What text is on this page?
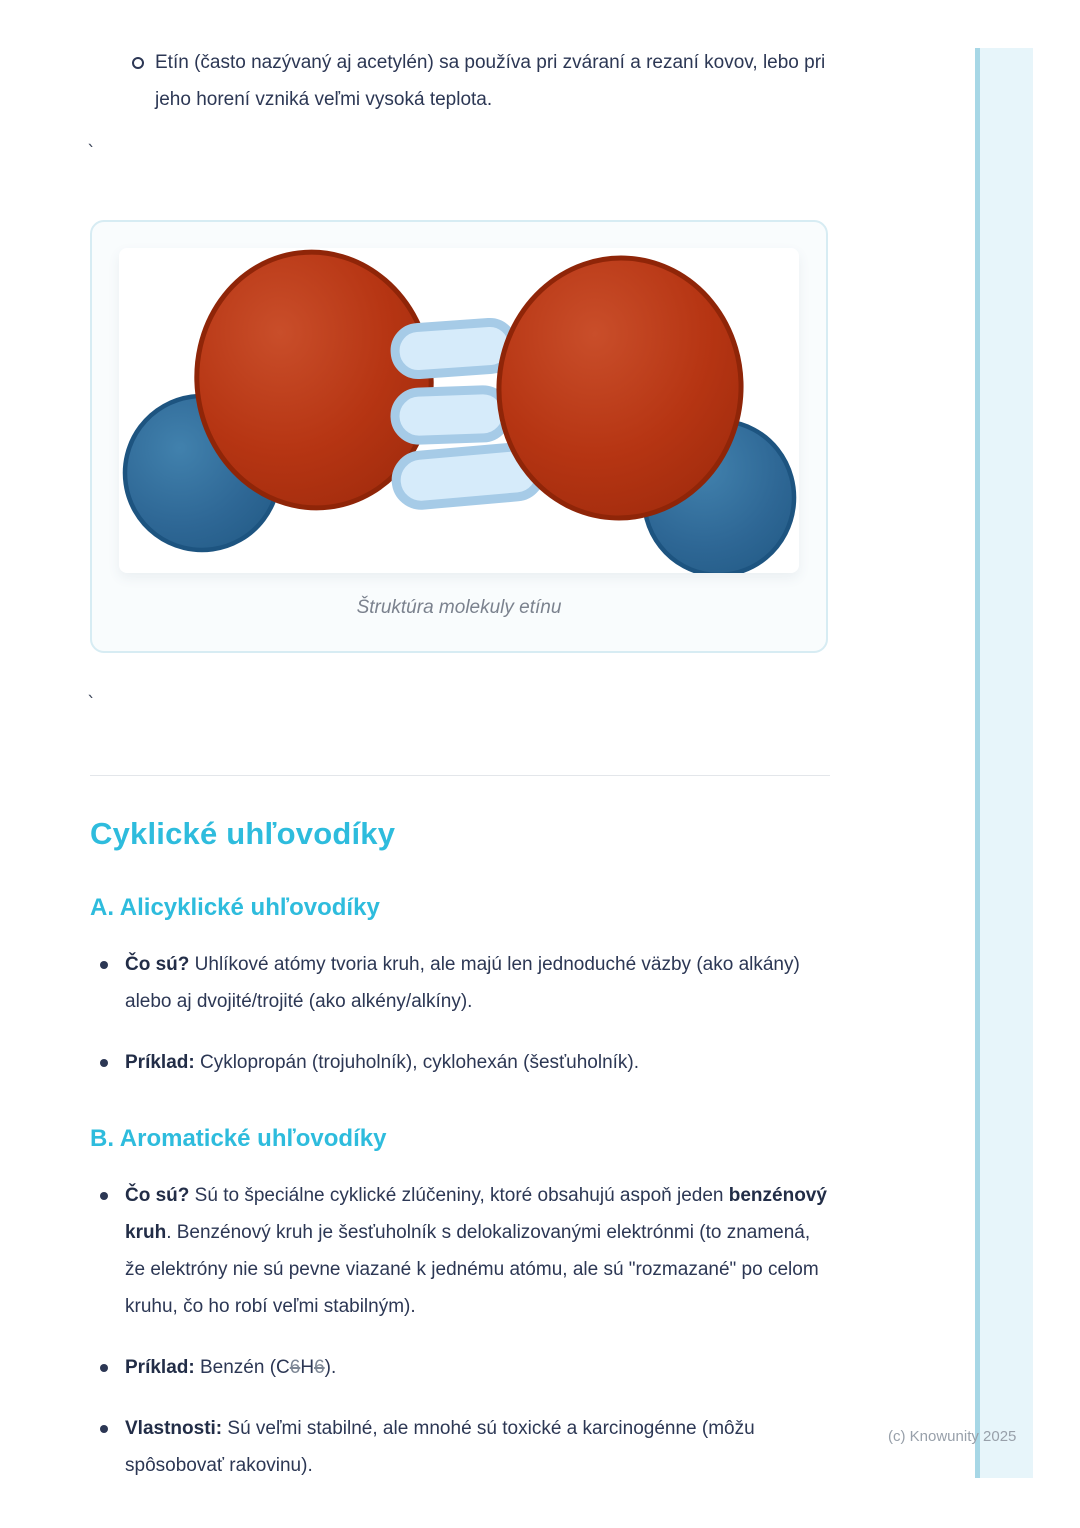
Etín (často nazývaný aj acetylén) sa používa pri zváraní a rezaní kovov, lebo pri jeho horení vzniká veľmi vysoká teplota.
`
Štruktúra molekuly etínu
`
Cyklické uhľovodíky
A. Alicyklické uhľovodíky
Čo sú? Uhlíkové atómy tvoria kruh, ale majú len jednoduché väzby (ako alkány) alebo aj dvojité/trojité (ako alkény/alkíny).
Príklad: Cyklopropán (trojuholník), cyklohexán (šesťuholník).
B. Aromatické uhľovodíky
Čo sú? Sú to špeciálne cyklické zlúčeniny, ktoré obsahujú aspoň jeden benzénový kruh. Benzénový kruh je šesťuholník s delokalizovanými elektrónmi (to znamená, že elektróny nie sú pevne viazané k jednému atómu, ale sú "rozmazané" po celom kruhu, čo ho robí veľmi stabilným).
Príklad: Benzén (C6H6).
Vlastnosti: Sú veľmi stabilné, ale mnohé sú toxické a karcinogénne (môžu spôsobovať rakovinu).
(c) Knowunity 2025
